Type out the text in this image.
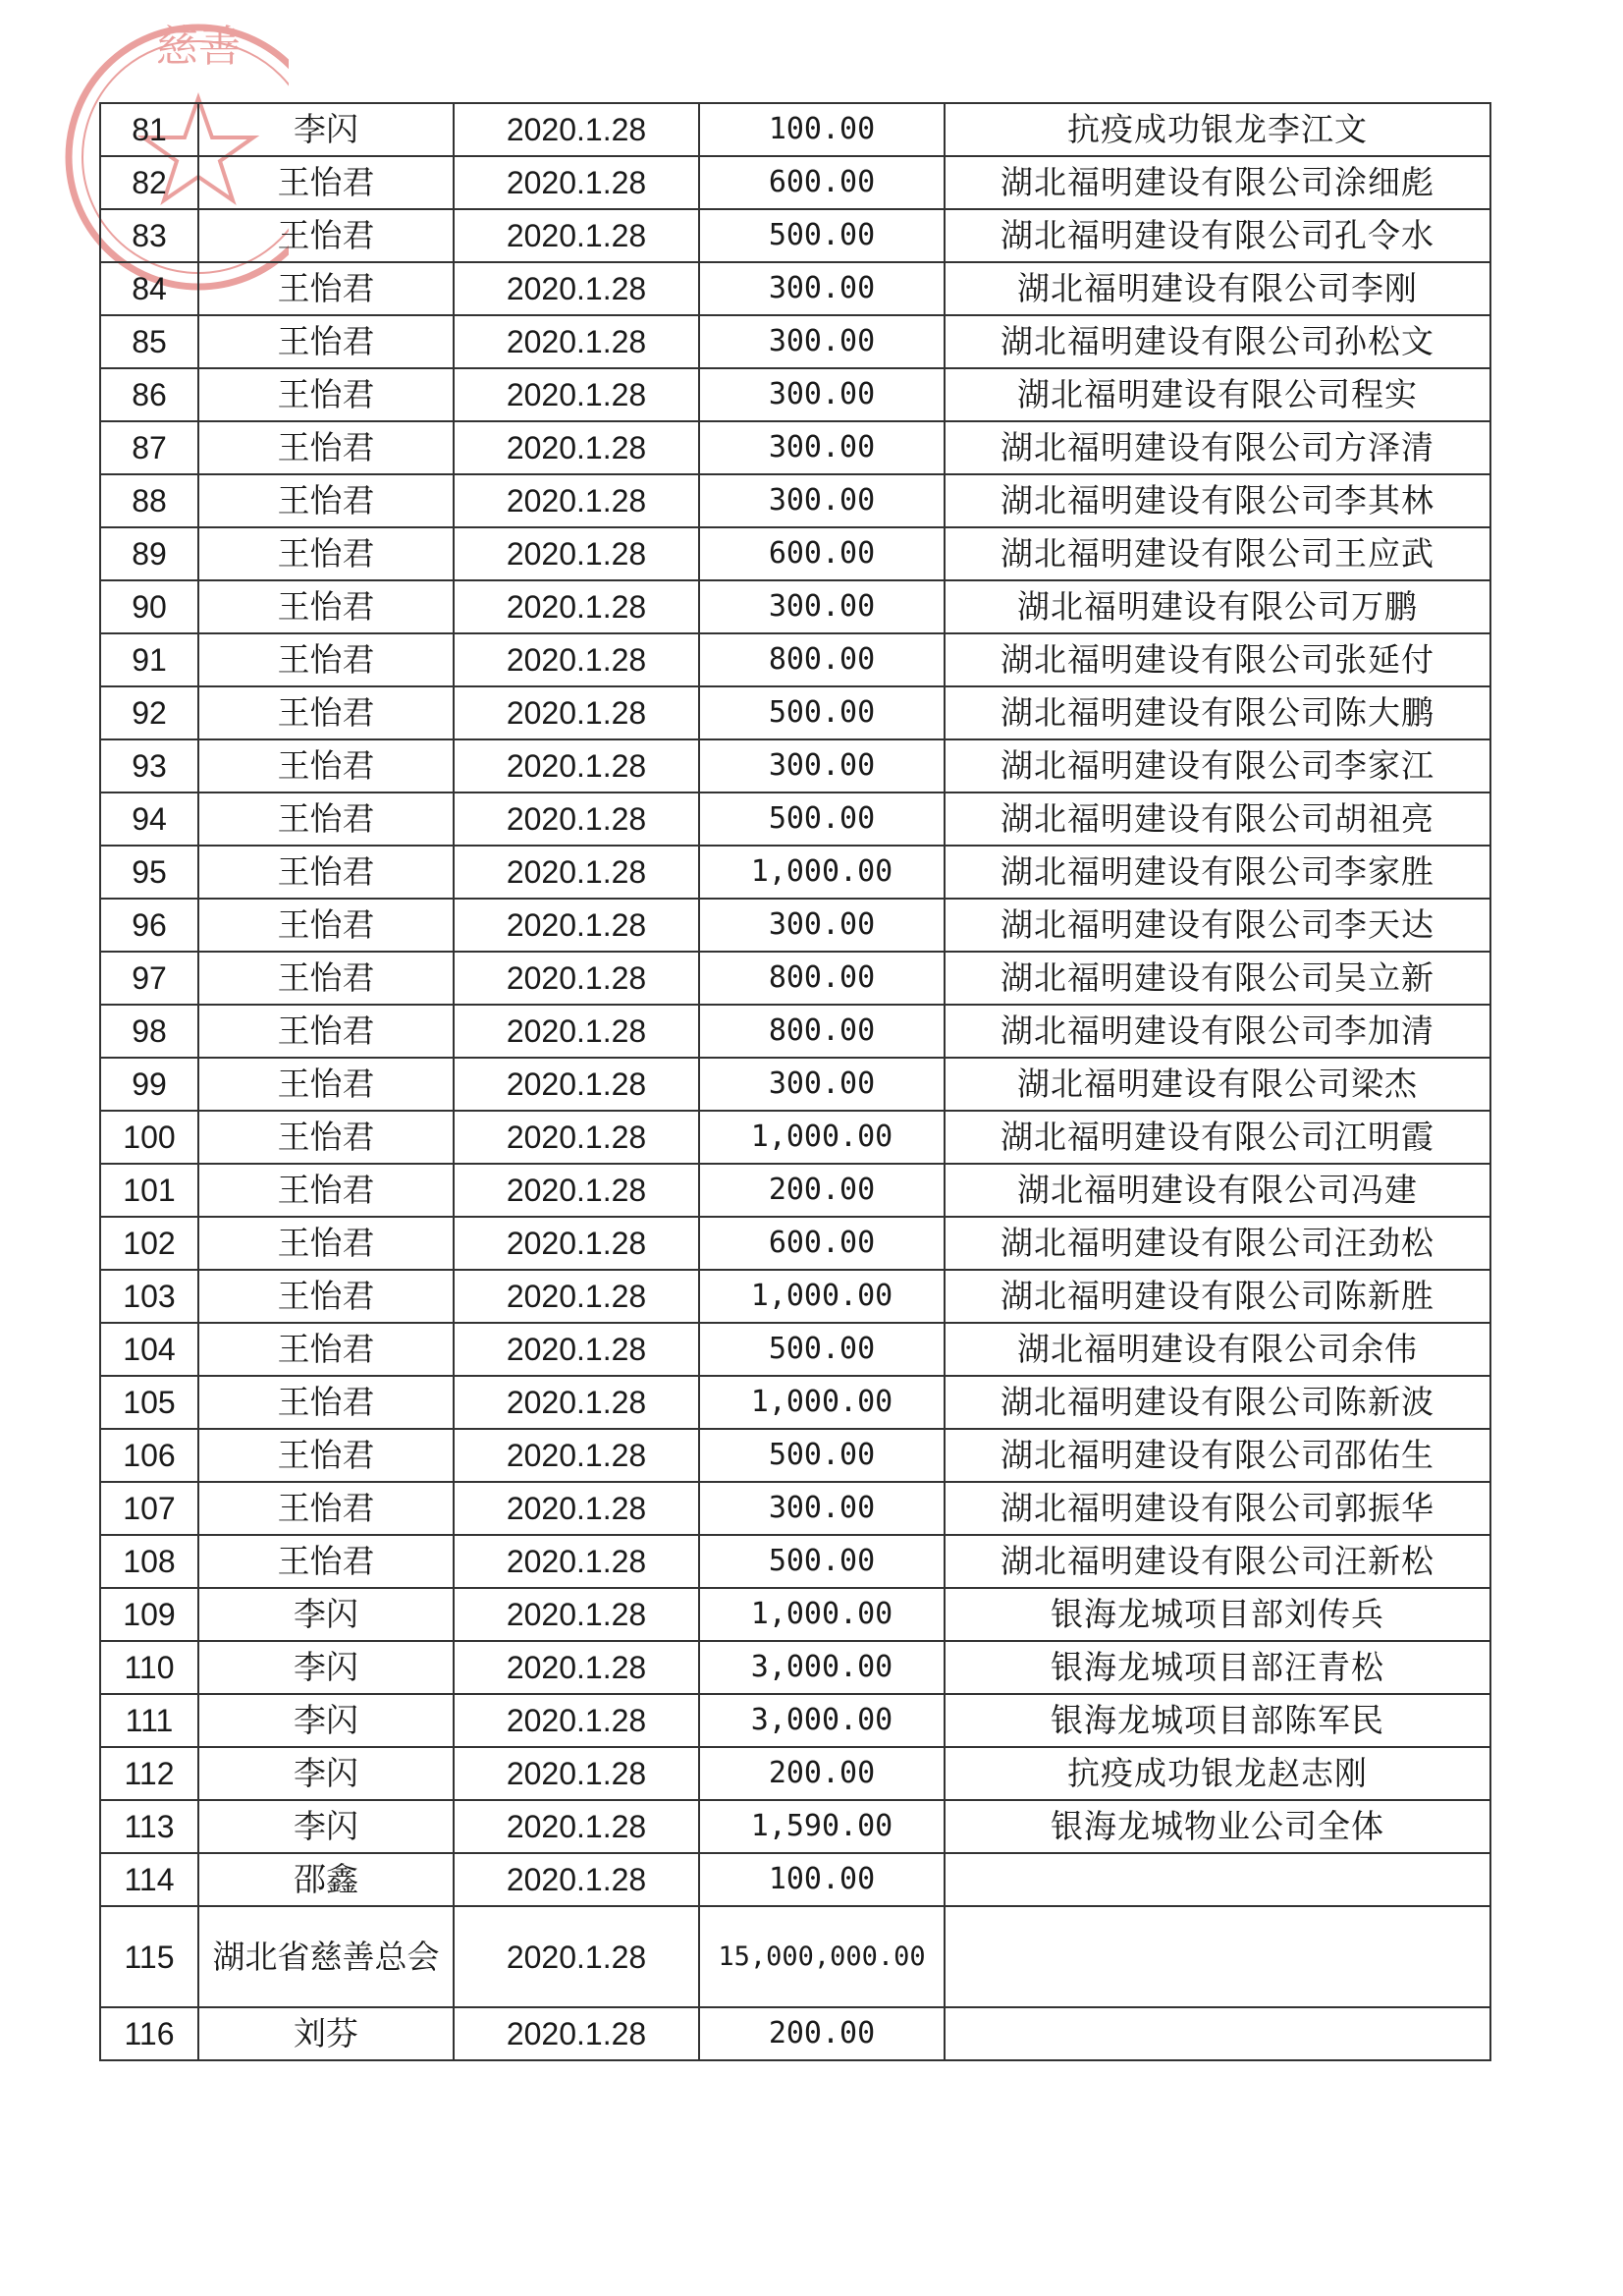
慈善
81	李闪	2020.1.28	100.00	抗疫成功银龙李江文
82	王怡君	2020.1.28	600.00	湖北福明建设有限公司涂细彪
83	王怡君	2020.1.28	500.00	湖北福明建设有限公司孔令水
84	王怡君	2020.1.28	300.00	湖北福明建设有限公司李刚
85	王怡君	2020.1.28	300.00	湖北福明建设有限公司孙松文
86	王怡君	2020.1.28	300.00	湖北福明建设有限公司程实
87	王怡君	2020.1.28	300.00	湖北福明建设有限公司方泽清
88	王怡君	2020.1.28	300.00	湖北福明建设有限公司李其林
89	王怡君	2020.1.28	600.00	湖北福明建设有限公司王应武
90	王怡君	2020.1.28	300.00	湖北福明建设有限公司万鹏
91	王怡君	2020.1.28	800.00	湖北福明建设有限公司张延付
92	王怡君	2020.1.28	500.00	湖北福明建设有限公司陈大鹏
93	王怡君	2020.1.28	300.00	湖北福明建设有限公司李家江
94	王怡君	2020.1.28	500.00	湖北福明建设有限公司胡祖亮
95	王怡君	2020.1.28	1,000.00	湖北福明建设有限公司李家胜
96	王怡君	2020.1.28	300.00	湖北福明建设有限公司李天达
97	王怡君	2020.1.28	800.00	湖北福明建设有限公司吴立新
98	王怡君	2020.1.28	800.00	湖北福明建设有限公司李加清
99	王怡君	2020.1.28	300.00	湖北福明建设有限公司梁杰
100	王怡君	2020.1.28	1,000.00	湖北福明建设有限公司江明霞
101	王怡君	2020.1.28	200.00	湖北福明建设有限公司冯建
102	王怡君	2020.1.28	600.00	湖北福明建设有限公司汪劲松
103	王怡君	2020.1.28	1,000.00	湖北福明建设有限公司陈新胜
104	王怡君	2020.1.28	500.00	湖北福明建设有限公司余伟
105	王怡君	2020.1.28	1,000.00	湖北福明建设有限公司陈新波
106	王怡君	2020.1.28	500.00	湖北福明建设有限公司邵佑生
107	王怡君	2020.1.28	300.00	湖北福明建设有限公司郭振华
108	王怡君	2020.1.28	500.00	湖北福明建设有限公司汪新松
109	李闪	2020.1.28	1,000.00	银海龙城项目部刘传兵
110	李闪	2020.1.28	3,000.00	银海龙城项目部汪青松
111	李闪	2020.1.28	3,000.00	银海龙城项目部陈军民
112	李闪	2020.1.28	200.00	抗疫成功银龙赵志刚
113	李闪	2020.1.28	1,590.00	银海龙城物业公司全体
114	邵鑫	2020.1.28	100.00	
115	湖北省慈善总会	2020.1.28	15,000,000.00	
116	刘芬	2020.1.28	200.00	
